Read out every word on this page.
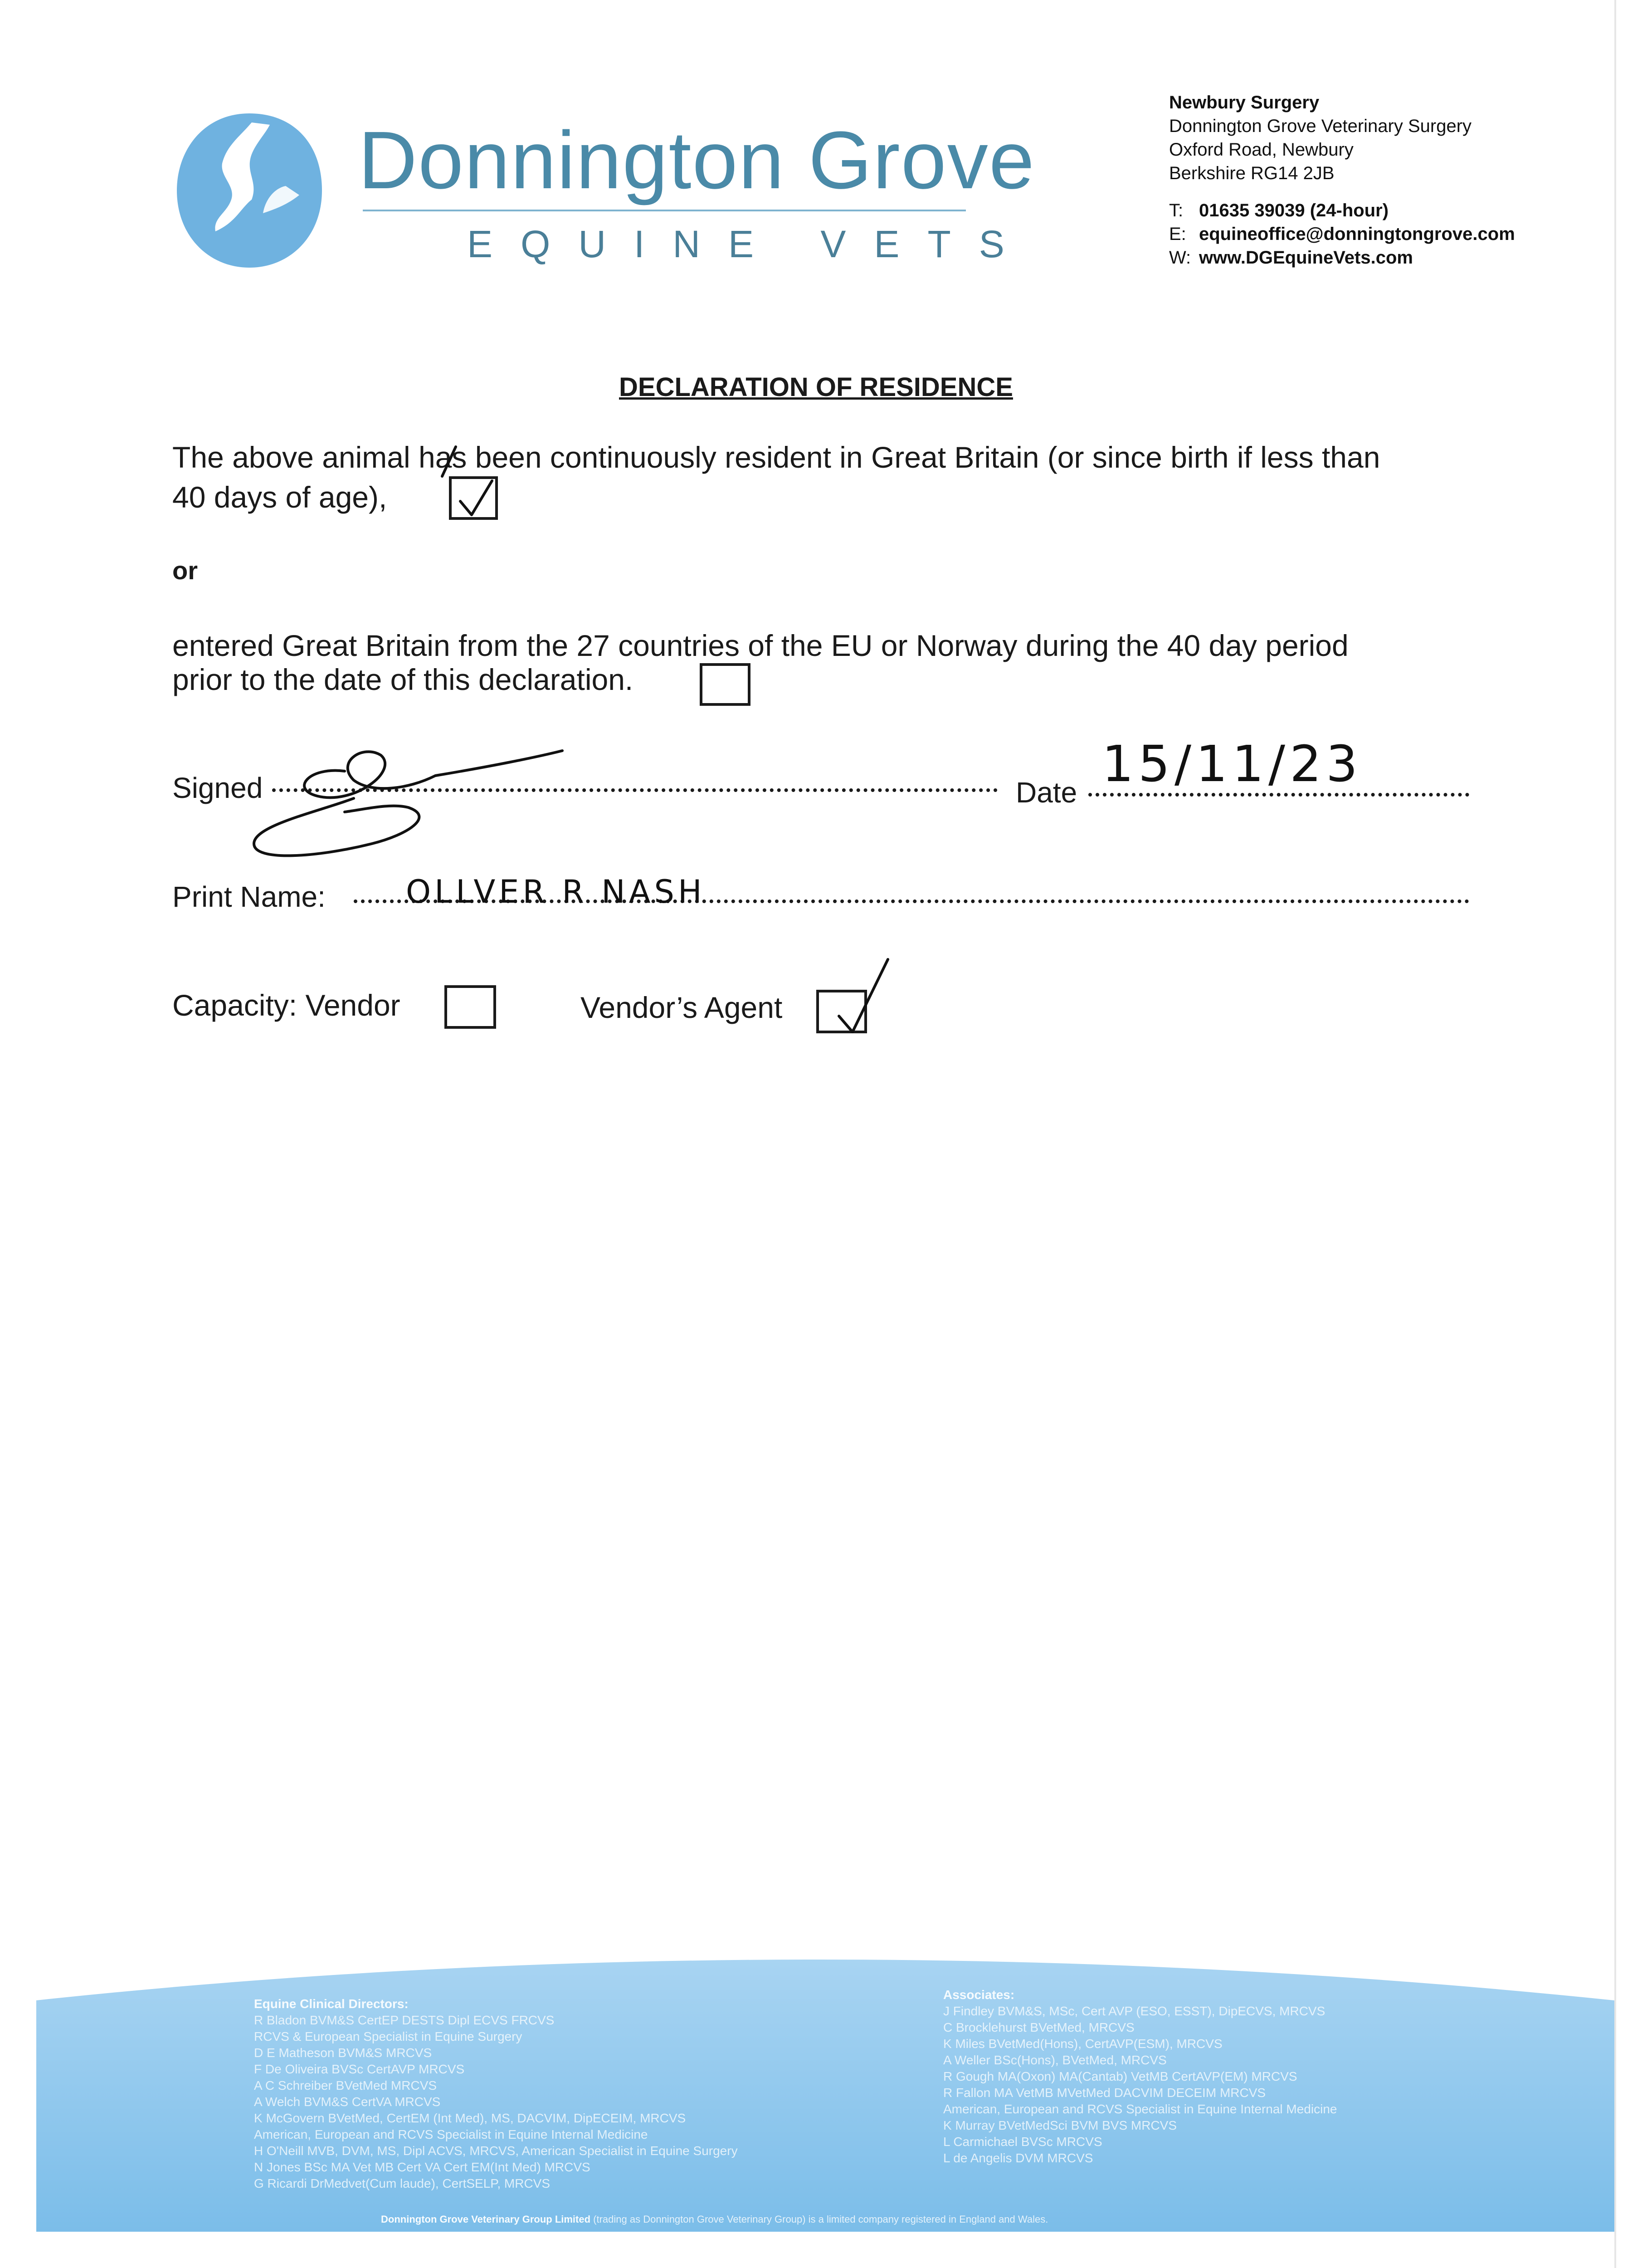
Donnington Grove
EQUINE VETS
Newbury Surgery
Donnington Grove Veterinary Surgery
Oxford Road, Newbury
Berkshire RG14 2JB
T: 01635 39039 (24-hour)
E: equineoffice@donningtongrove.com
W: www.DGEquineVets.com
DECLARATION OF RESIDENCE
The above animal has been continuously resident in Great Britain (or since birth if less than
40 days of age),
or
entered Great Britain from the 27 countries of the EU or Norway during the 40 day period
prior to the date of this declaration.
Signed	Date 15/11/23
Print Name:	OLLVER R NASH
Capacity: Vendor	Vendor’s Agent
Equine Clinical Directors:
R Bladon BVM&S CertEP DESTS Dipl ECVS FRCVS
RCVS & European Specialist in Equine Surgery
D E Matheson BVM&S MRCVS
F De Oliveira BVSc CertAVP MRCVS
A C Schreiber BVetMed MRCVS
A Welch BVM&S CertVA MRCVS
K McGovern BVetMed, CertEM (Int Med), MS, DACVIM, DipECEIM, MRCVS
American, European and RCVS Specialist in Equine Internal Medicine
H O'Neill MVB, DVM, MS, Dipl ACVS, MRCVS, American Specialist in Equine Surgery
N Jones BSc MA Vet MB Cert VA Cert EM(Int Med) MRCVS
G Ricardi DrMedvet(Cum laude), CertSELP, MRCVS
Associates:
J Findley BVM&S, MSc, Cert AVP (ESO, ESST), DipECVS, MRCVS
C Brocklehurst BVetMed, MRCVS
K Miles BVetMed(Hons), CertAVP(ESM), MRCVS
A Weller BSc(Hons), BVetMed, MRCVS
R Gough MA(Oxon) MA(Cantab) VetMB CertAVP(EM) MRCVS
R Fallon MA VetMB MVetMed DACVIM DECEIM MRCVS
American, European and RCVS Specialist in Equine Internal Medicine
K Murray BVetMedSci BVM BVS MRCVS
L Carmichael BVSc MRCVS
L de Angelis DVM MRCVS
Donnington Grove Veterinary Group Limited (trading as Donnington Grove Veterinary Group) is a limited company registered in England and Wales.
